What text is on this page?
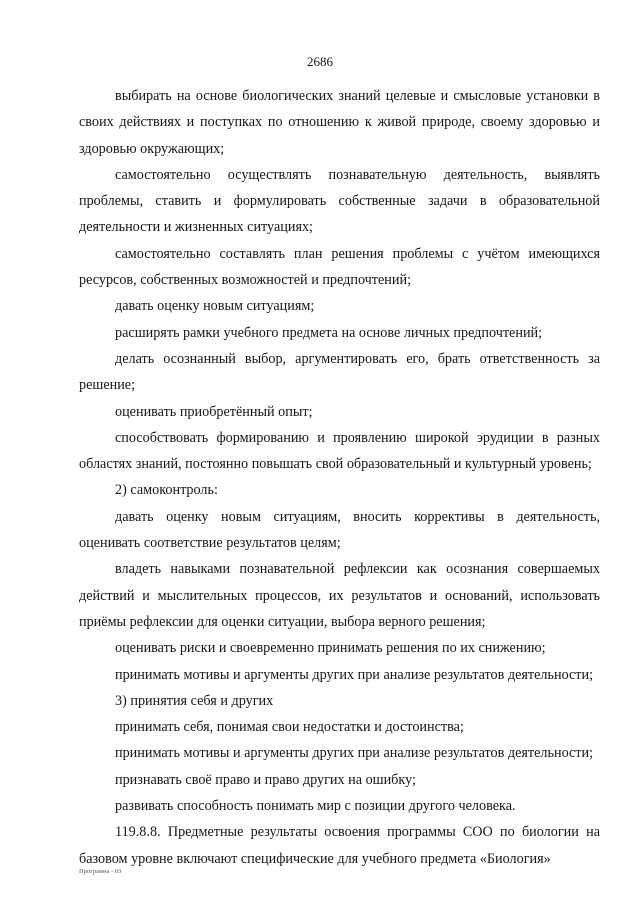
2686

выбирать на основе биологических знаний целевые и смысловые установки в своих действиях и поступках по отношению к живой природе, своему здоровью и здоровью окружающих;

самостоятельно осуществлять познавательную деятельность, выявлять проблемы, ставить и формулировать собственные задачи в образовательной деятельности и жизненных ситуациях;

самостоятельно составлять план решения проблемы с учётом имеющихся ресурсов, собственных возможностей и предпочтений;

давать оценку новым ситуациям;

расширять рамки учебного предмета на основе личных предпочтений;

делать осознанный выбор, аргументировать его, брать ответственность за решение;

оценивать приобретённый опыт;

способствовать формированию и проявлению широкой эрудиции в разных областях знаний, постоянно повышать свой образовательный и культурный уровень;

2) самоконтроль:

давать оценку новым ситуациям, вносить коррективы в деятельность, оценивать соответствие результатов целям;

владеть навыками познавательной рефлексии как осознания совершаемых действий и мыслительных процессов, их результатов и оснований, использовать приёмы рефлексии для оценки ситуации, выбора верного решения;

оценивать риски и своевременно принимать решения по их снижению;

принимать мотивы и аргументы других при анализе результатов деятельности;

3) принятия себя и других

принимать себя, понимая свои недостатки и достоинства;

принимать мотивы и аргументы других при анализе результатов деятельности;

признавать своё право и право других на ошибку;

развивать способность понимать мир с позиции другого человека.

119.8.8. Предметные результаты освоения программы СОО по биологии на базовом уровне включают специфические для учебного предмета «Биология»

Програмна - 03
